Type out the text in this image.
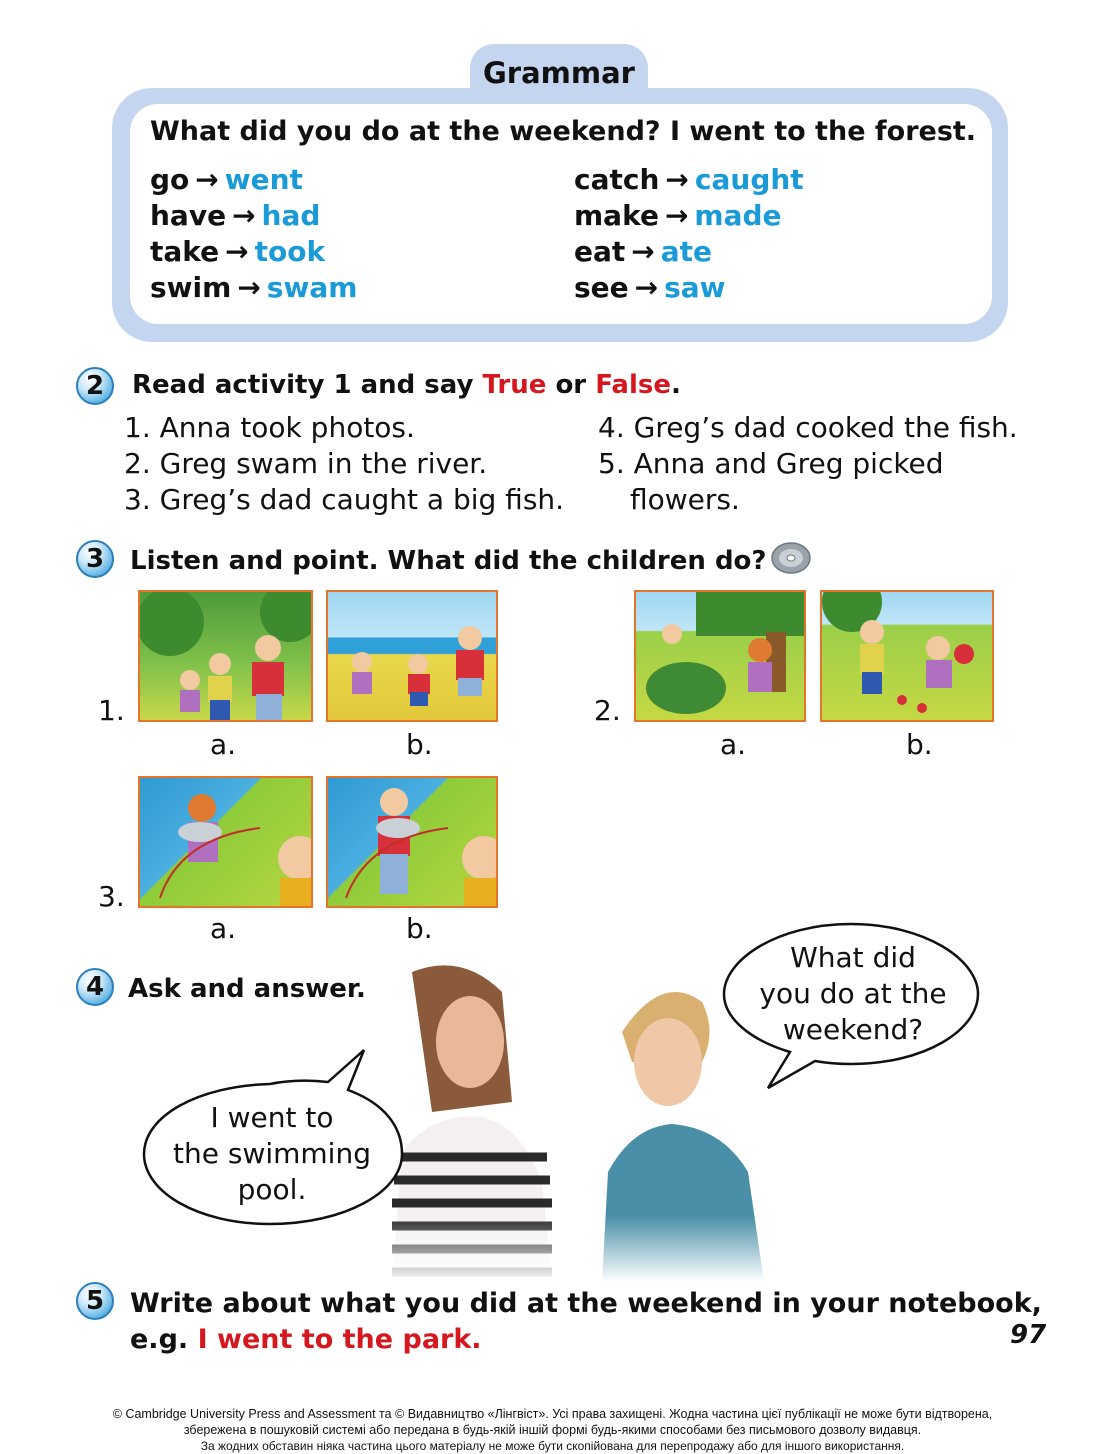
Grammar
What did you do at the weekend? I went to the forest.
go → went
have → had
take → took
swim → swam
catch → caught
make → made
eat → ate
see → saw
2	Read activity 1 and say True or False.
1. Anna took photos.
2. Greg swam in the river.
3. Greg’s dad caught a big fish.
4. Greg’s dad cooked the fish.
5. Anna and Greg picked
flowers.
3 Listen and point. What did the children do?
1.
a.	b.
2.
a.	b.
3.
a.	b.
4 Ask and answer.
What did
you do at the
weekend?
I went to
the swimming
pool.
5 Write about what you did at the weekend in your notebook,
e.g. I went to the park.
© Cambridge University Press and Assessment та © Видавництво «Лінгвіст». Усі права захищені. Жодна частина цієї публікації не може бути відтворена,
збережена в пошуковій системі або передана в будь-якій іншій формі будь-якими способами без письмового дозволу видавця.
За жодних обставин ніяка частина цього матеріалу не може бути скопійована для перепродажу або для іншого використання.
97
